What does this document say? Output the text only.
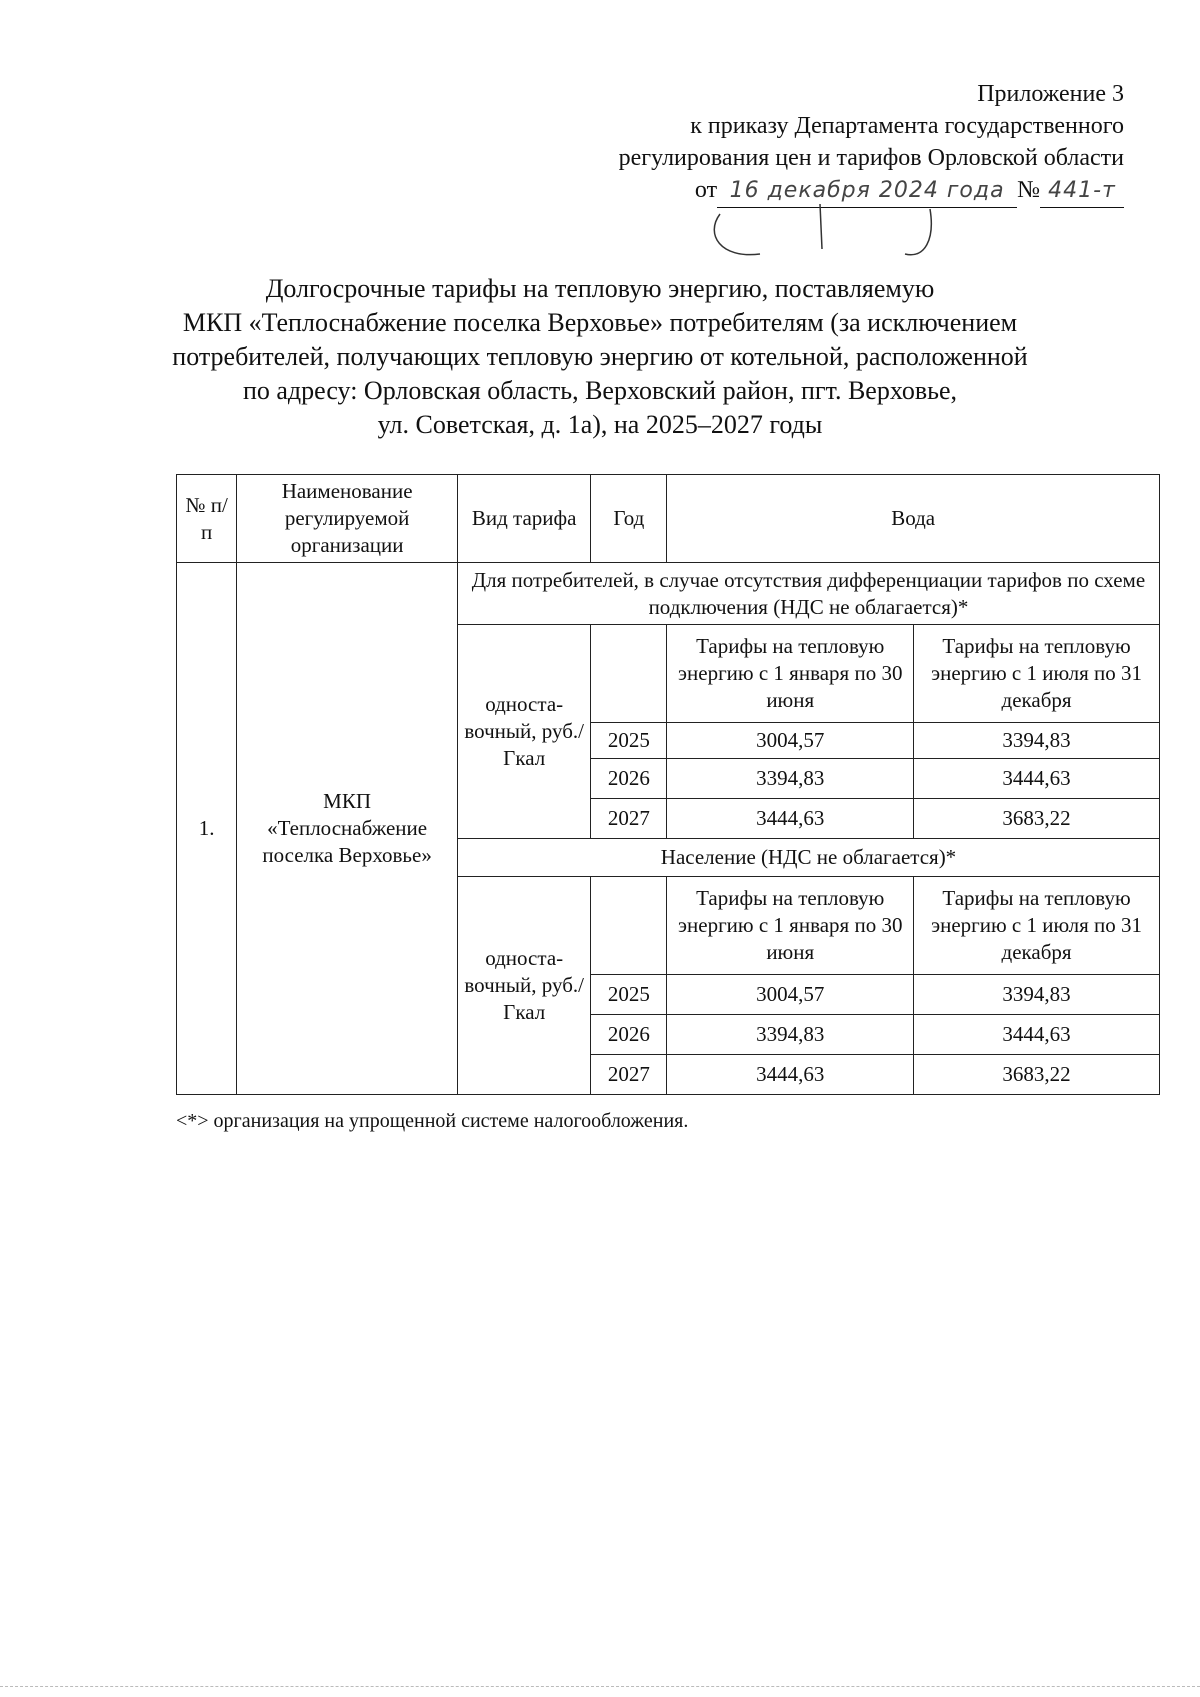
Приложение 3
к приказу Департамента государственного
регулирования цен и тарифов Орловской области
от 16 декабря 2024 года № 441-т
Долгосрочные тарифы на тепловую энергию, поставляемую
МКП «Теплоснабжение поселка Верховье» потребителям (за исключением
потребителей, получающих тепловую энергию от котельной, расположенной
по адресу: Орловская область, Верховский район, пгт. Верховье,
ул. Советская, д. 1а), на 2025–2027 годы
№ п/п	Наименование регулируемой организации	Вид тарифа	Год	Вода	
1.	МКП «Теплоснабжение поселка Верховье»	Для потребителей, в случае отсутствия дифференциации тарифов по схеме подключения (НДС не облагается)*			
		односта-вочный, руб./Гкал		Тарифы на тепловую энергию с 1 января по 30 июня	Тарифы на тепловую энергию с 1 июля по 31 декабря
			2025	3004,57	3394,83
			2026	3394,83	3444,63
			2027	3444,63	3683,22
		Население (НДС не облагается)*			
		односта-вочный, руб./Гкал		Тарифы на тепловую энергию с 1 января по 30 июня	Тарифы на тепловую энергию с 1 июля по 31 декабря
			2025	3004,57	3394,83
			2026	3394,83	3444,63
			2027	3444,63	3683,22
<*> организация на упрощенной системе налогообложения.
